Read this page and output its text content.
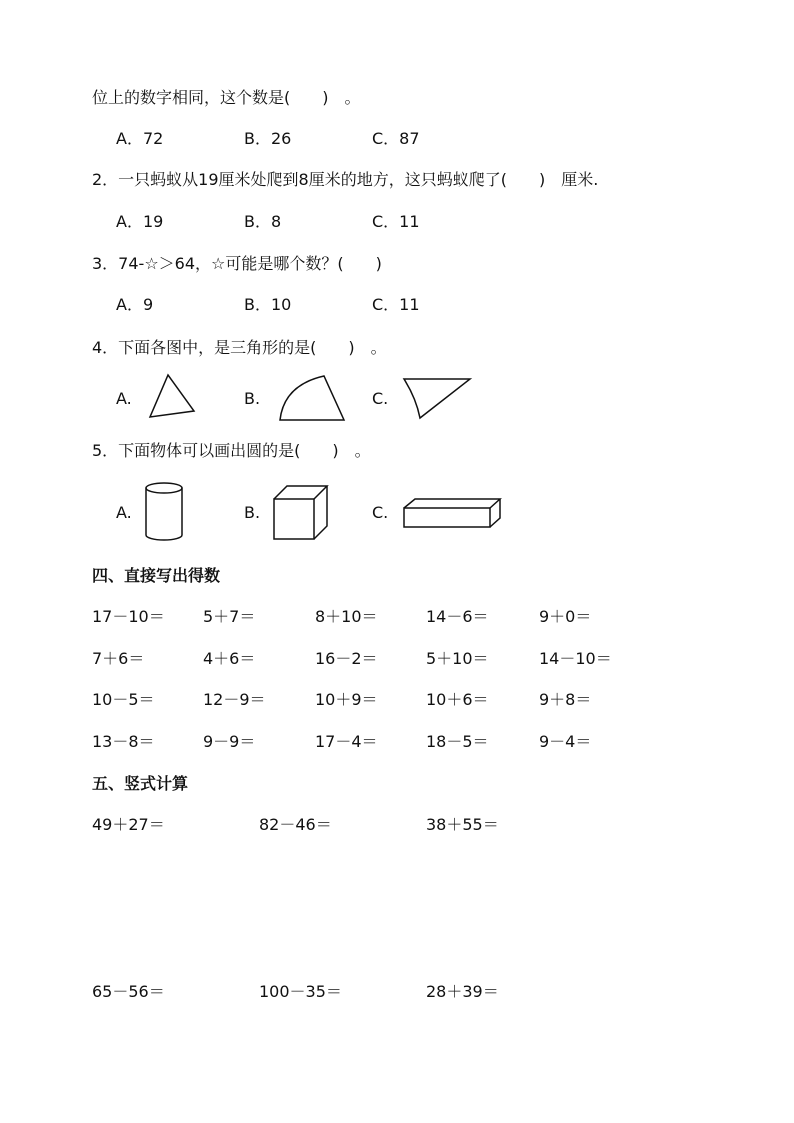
位上的数字相同，这个数是(　　)　。
A．72	B．26	C．87
2．一只蚂蚁从19厘米处爬到8厘米的地方，这只蚂蚁爬了(　　)　厘米.
A．19	B．8	C．11
3．74-☆＞64，☆可能是哪个数？(　　)
A．9	B．10	C．11
4．下面各图中，是三角形的是(　　)　。
A.	B.	C.
5．下面物体可以画出圆的是(　　)　。
A.	B.	C.
四、直接写出得数
17－10＝ 5＋7＝	8＋10＝	14－6＝	9＋0＝
7＋6＝	4＋6＝	16－2＝	5＋10＝	14－10＝
10－5＝	12－9＝	10＋9＝	10＋6＝	9＋8＝
13－8＝	9－9＝	17－4＝	18－5＝	9－4＝
五、竖式计算
49＋27＝	82－46＝	38＋55＝
65－56＝	100－35＝	28＋39＝
